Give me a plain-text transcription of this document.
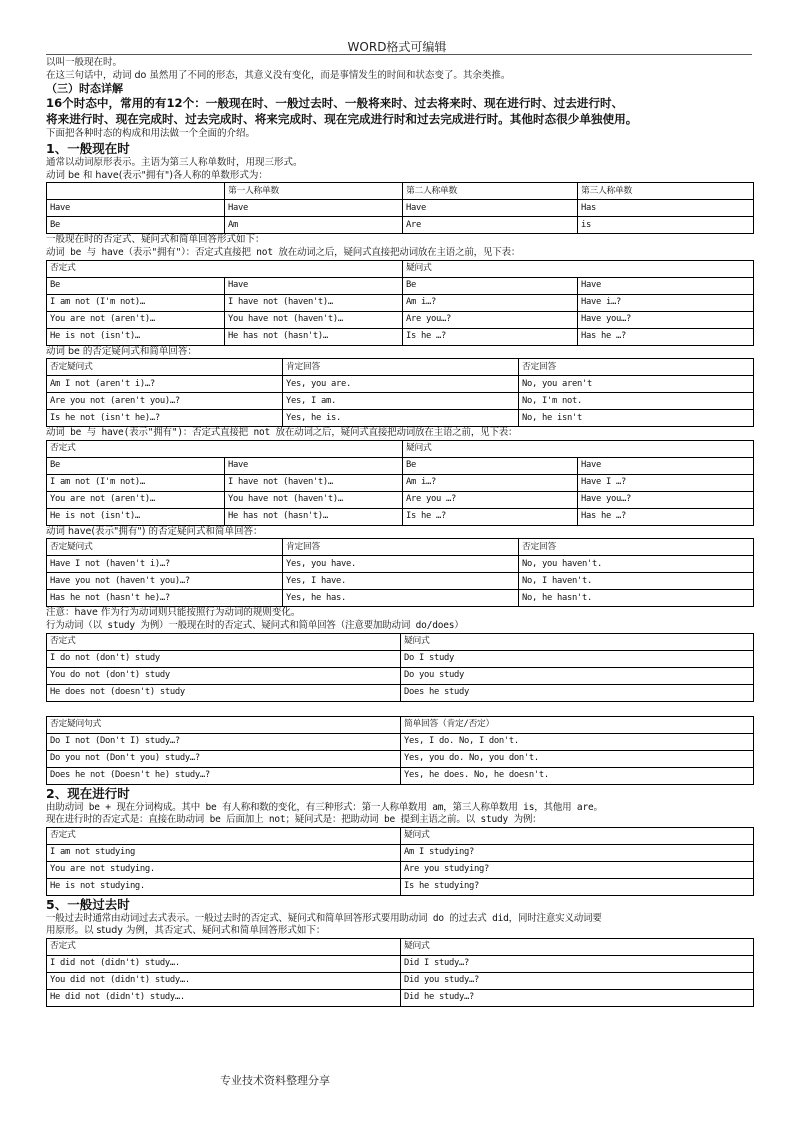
WORD格式可编辑

以叫一般现在时。

在这三句话中，动词 do 虽然用了不同的形态，其意义没有变化，而是事情发生的时间和状态变了。其余类推。

（三）时态详解

16个时态中，常用的有12个：一般现在时、一般过去时、一般将来时、过去将来时、现在进行时、过去进行时、

将来进行时、现在完成时、过去完成时、将来完成时、现在完成进行时和过去完成进行时。其他时态很少单独使用。

下面把各种时态的构成和用法做一个全面的介绍。

1、一般现在时

通常以动词原形表示。主语为第三人称单数时，用现三形式。

动词 be 和 have(表示"拥有")各人称的单数形式为：

	第一人称单数	第二人称单数	第三人称单数
Have	Have	Have	Has
Be	Am	Are	is

一般现在时的否定式、疑问式和简单回答形式如下：

动词 be 与 have（表示"拥有"）：否定式直接把 not 放在动词之后，疑问式直接把动词放在主语之前，见下表：

否定式		疑问式	
Be	Have	Be	Have
I am not (I'm not)…	I have not (haven't)…	Am i…?	Have i…?
You are not (aren't)…	You have not (haven't)…	Are you…?	Have you…?
He is not (isn't)…	He has not (hasn't)…	Is he …?	Has he …?

动词 be 的否定疑问式和简单回答：

否定疑问式	肯定回答	否定回答
Am I not (aren't i)…?	Yes, you are.	No, you aren't
Are you not (aren't you)…?	Yes, I am.	No, I'm not.
Is he not (isn't he)…?	Yes, he is.	No, he isn't

动词 be 与 have(表示"拥有")：否定式直接把 not 放在动词之后，疑问式直接把动词放在主语之前，见下表：

否定式		疑问式	
Be	Have	Be	Have
I am not (I'm not)…	I have not (haven't)…	Am i…?	Have I …?
You are not (aren't)…	You have not (haven't)…	Are you …?	Have you…?
He is not (isn't)…	He has not (hasn't)…	Is he …?	Has he …?

动词 have(表示"拥有") 的否定疑问式和简单回答：

否定疑问式	肯定回答	否定回答
Have I not (haven't i)…?	Yes, you have.	No, you haven't.
Have you not (haven't you)…?	Yes, I have.	No, I haven't.
Has he not (hasn't he)…?	Yes, he has.	No, he hasn't.

注意：have 作为行为动词则只能按照行为动词的规则变化。

行为动词（以 study 为例）一般现在时的否定式、疑问式和简单回答（注意要加助动词 do/does）

否定式	疑问式
I do not (don't) study	Do I study
You do not (don't) study	Do you study
He does not (doesn't) study	Does he study
否定疑问句式	简单回答（肯定/否定）
Do I not (Don't I) study…?	Yes, I do. No, I don't.
Do you not (Don't you) study…?	Yes, you do. No, you don't.
Does he not (Doesn't he) study…?	Yes, he does. No, he doesn't.

2、现在进行时

由助动词 be + 现在分词构成。其中 be 有人称和数的变化，有三种形式：第一人称单数用 am，第三人称单数用 is，其他用 are。

现在进行时的否定式是：直接在助动词 be 后面加上 not；疑问式是：把助动词 be 提到主语之前。以 study 为例：

否定式	疑问式
I am not studying	Am I studying?
You are not studying.	Are you studying?
He is not studying.	Is he studying?

5、一般过去时

一般过去时通常由动词过去式表示。一般过去时的否定式、疑问式和简单回答形式要用助动词 do 的过去式 did，同时注意实义动词要

用原形。以 study 为例，其否定式、疑问式和简单回答形式如下：

否定式	疑问式
I did not (didn't) study….	Did I study…?
You did not (didn't) study….	Did you study…?
He did not (didn't) study….	Did he study…?
专业技术资料整理分享
